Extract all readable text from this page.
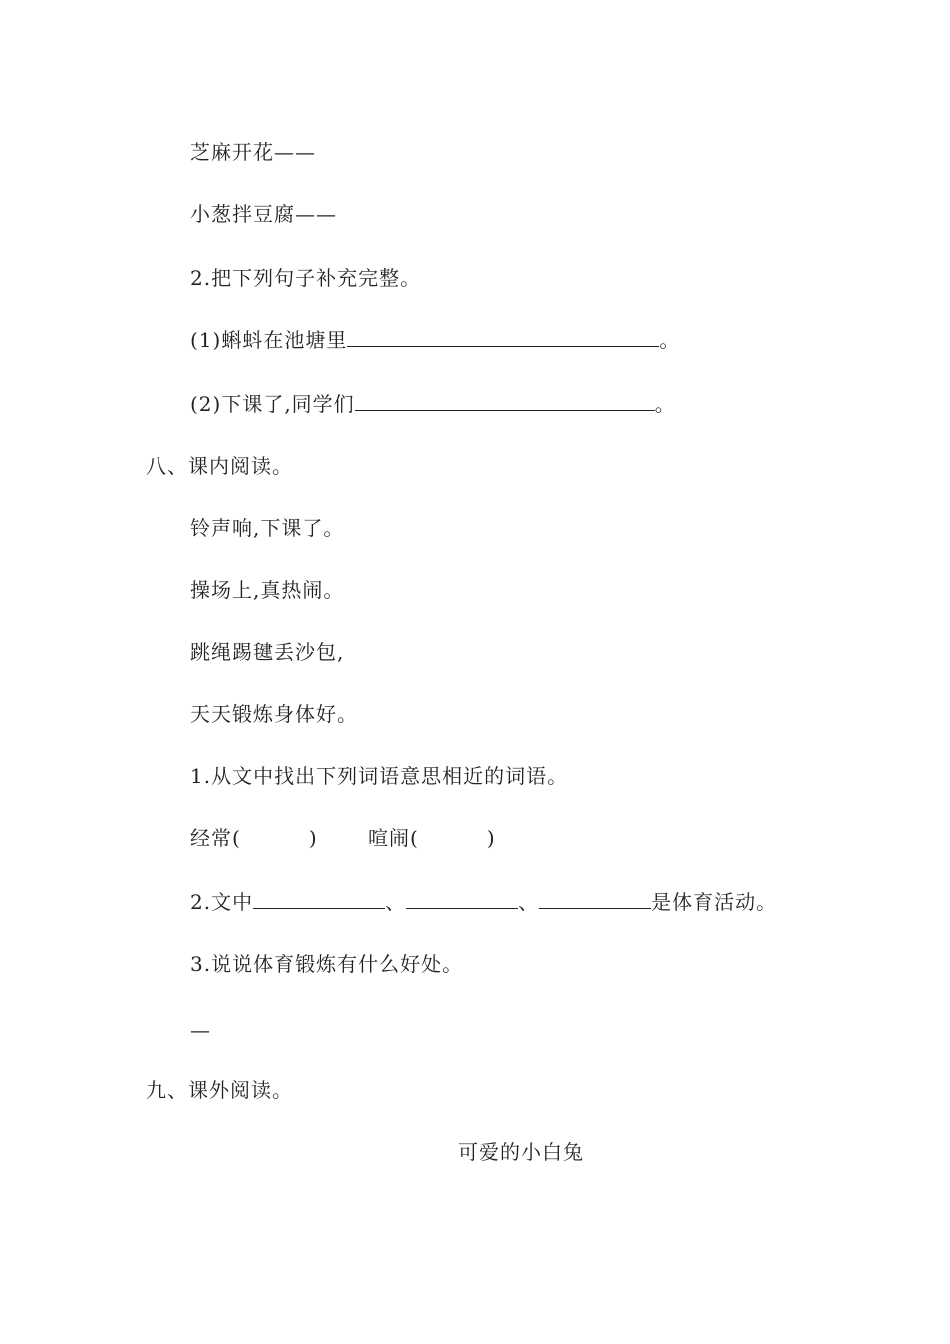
芝麻开花——
小葱拌豆腐——
2.把下列句子补充完整。
(1)蝌蚪在池塘里	。
(2)下课了,同学们	。
八、课内阅读。
铃声响,下课了。
操场上,真热闹。
跳绳踢毽丢沙包,
天天锻炼身体好。
1.从文中找出下列词语意思相近的词语。
经常(	)	喧闹(	)
2.文中	、	、	是体育活动。
3.说说体育锻炼有什么好处。
—
九、课外阅读。
可爱的小白兔
